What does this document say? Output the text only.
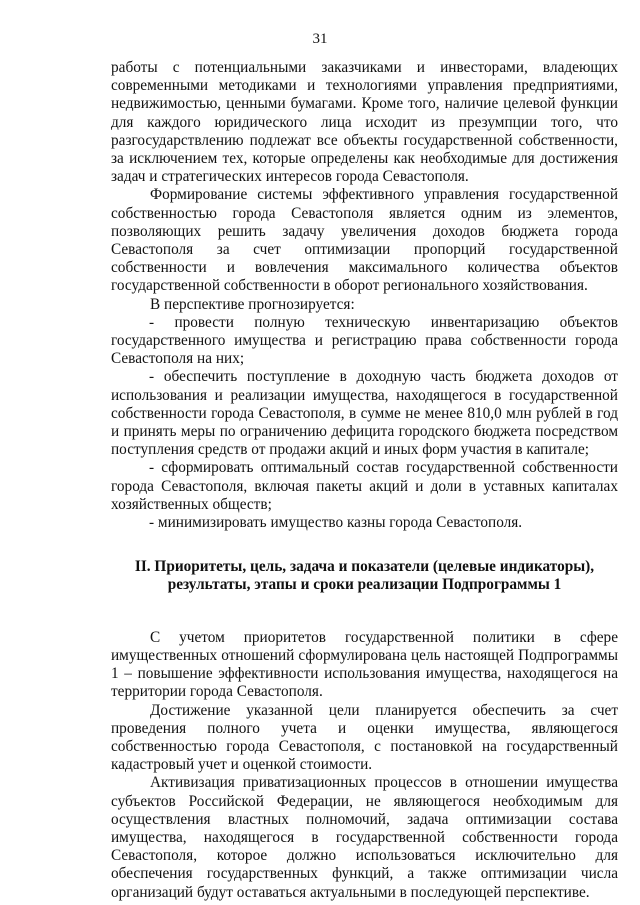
31

работы с потенциальными заказчиками и инвесторами, владеющих современными методиками и технологиями управления предприятиями, недвижимостью, ценными бумагами. Кроме того, наличие целевой функции для каждого юридического лица исходит из презумпции того, что разгосударствлению подлежат все объекты государственной собственности, за исключением тех, которые определены как необходимые для достижения задач и стратегических интересов города Севастополя.

Формирование системы эффективного управления государственной собственностью города Севастополя является одним из элементов, позволяющих решить задачу увеличения доходов бюджета города Севастополя за счет оптимизации пропорций государственной собственности и вовлечения максимального количества объектов государственной собственности в оборот регионального хозяйствования.

В перспективе прогнозируется:

- провести полную техническую инвентаризацию объектов государственного имущества и регистрацию права собственности города Севастополя на них;

- обеспечить поступление в доходную часть бюджета доходов от использования и реализации имущества, находящегося в государственной собственности города Севастополя, в сумме не менее 810,0 млн рублей в год и принять меры по ограничению дефицита городского бюджета посредством поступления средств от продажи акций и иных форм участия в капитале;

- сформировать оптимальный состав государственной собственности города Севастополя, включая пакеты акций и доли в уставных капиталах хозяйственных обществ;

- минимизировать имущество казны города Севастополя.

II. Приоритеты, цель, задача и показатели (целевые индикаторы),
результаты, этапы и сроки реализации Подпрограммы 1

С учетом приоритетов государственной политики в сфере имущественных отношений сформулирована цель настоящей Подпрограммы 1 – повышение эффективности использования имущества, находящегося на территории города Севастополя.

Достижение указанной цели планируется обеспечить за счет проведения полного учета и оценки имущества, являющегося собственностью города Севастополя, с постановкой на государственный кадастровый учет и оценкой стоимости.

Активизация приватизационных процессов в отношении имущества субъектов Российской Федерации, не являющегося необходимым для осуществления властных полномочий, задача оптимизации состава имущества, находящегося в государственной собственности города Севастополя, которое должно использоваться исключительно для обеспечения государственных функций, а также оптимизации числа организаций будут оставаться актуальными в последующей перспективе.
